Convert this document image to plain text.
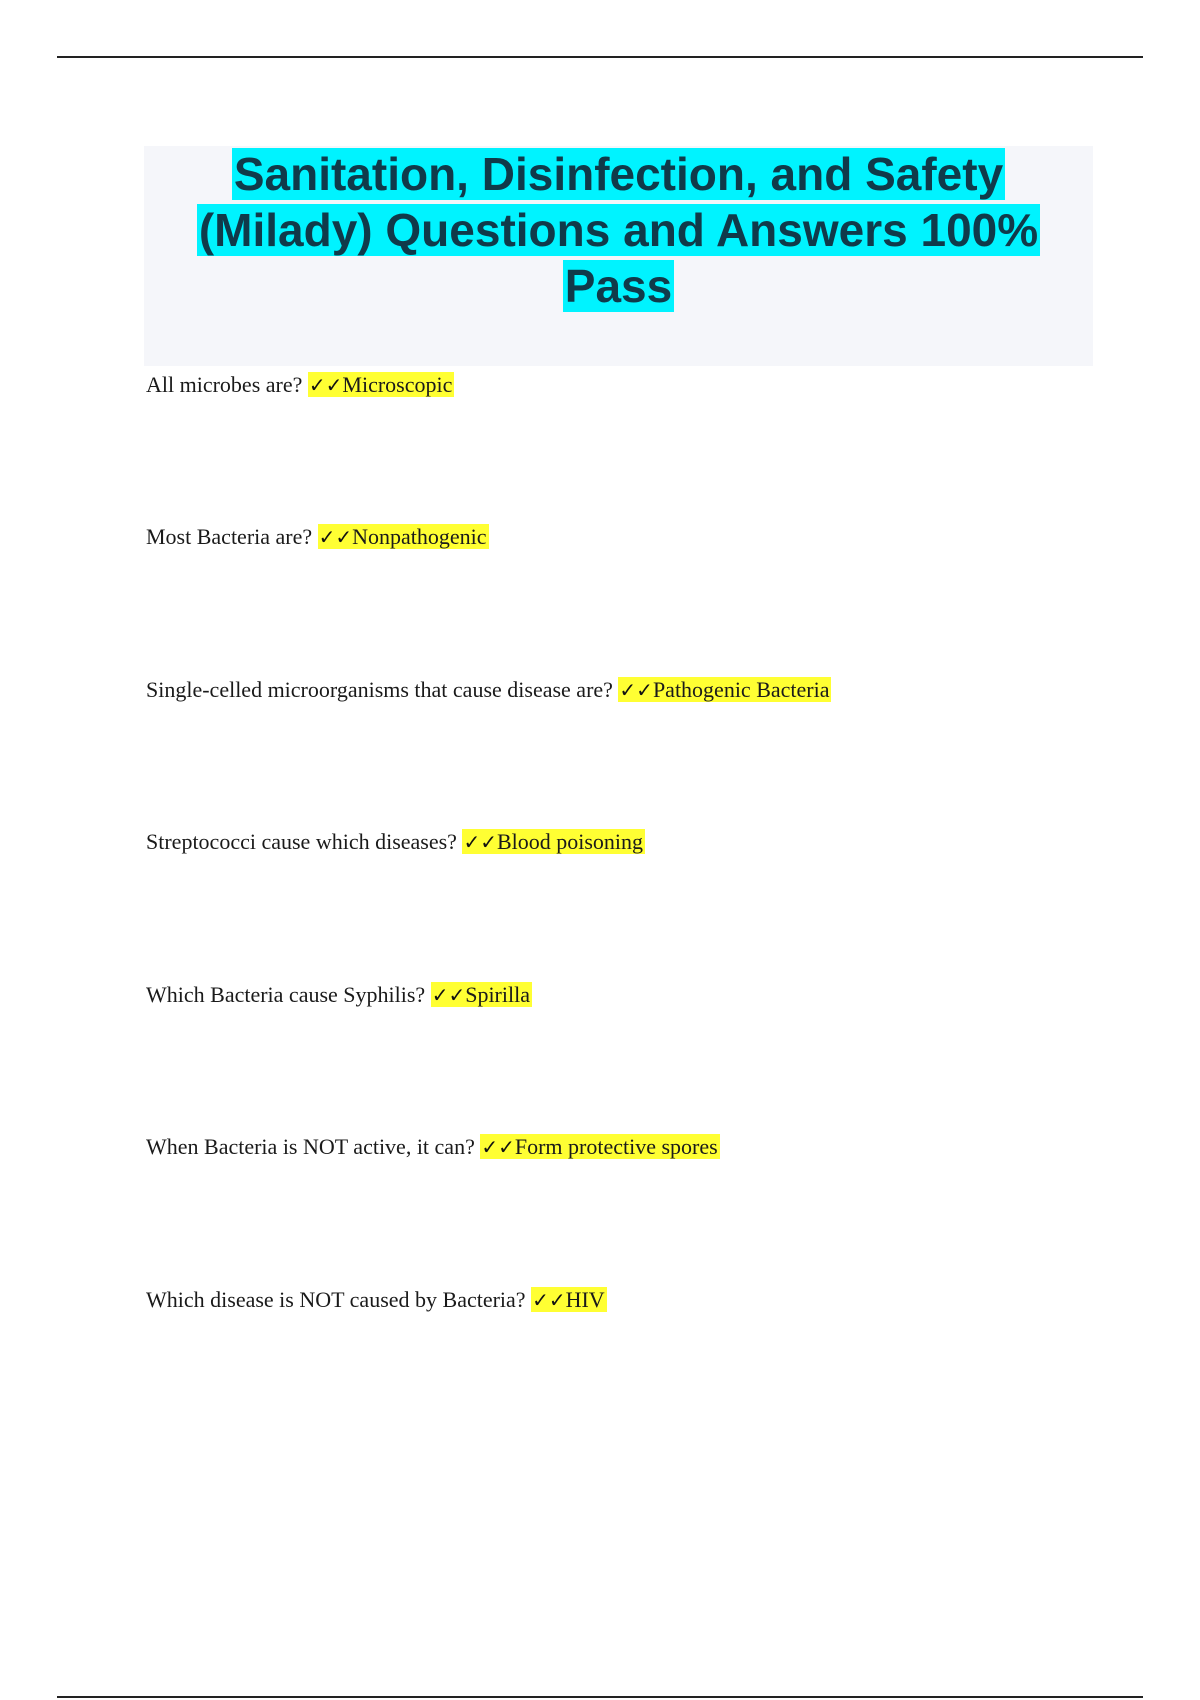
Sanitation, Disinfection, and Safety (Milady) Questions and Answers 100% Pass

All microbes are? ✓✓Microscopic

Most Bacteria are? ✓✓Nonpathogenic

Single-celled microorganisms that cause disease are? ✓✓Pathogenic Bacteria

Streptococci cause which diseases? ✓✓Blood poisoning

Which Bacteria cause Syphilis? ✓✓Spirilla

When Bacteria is NOT active, it can? ✓✓Form protective spores

Which disease is NOT caused by Bacteria? ✓✓HIV
